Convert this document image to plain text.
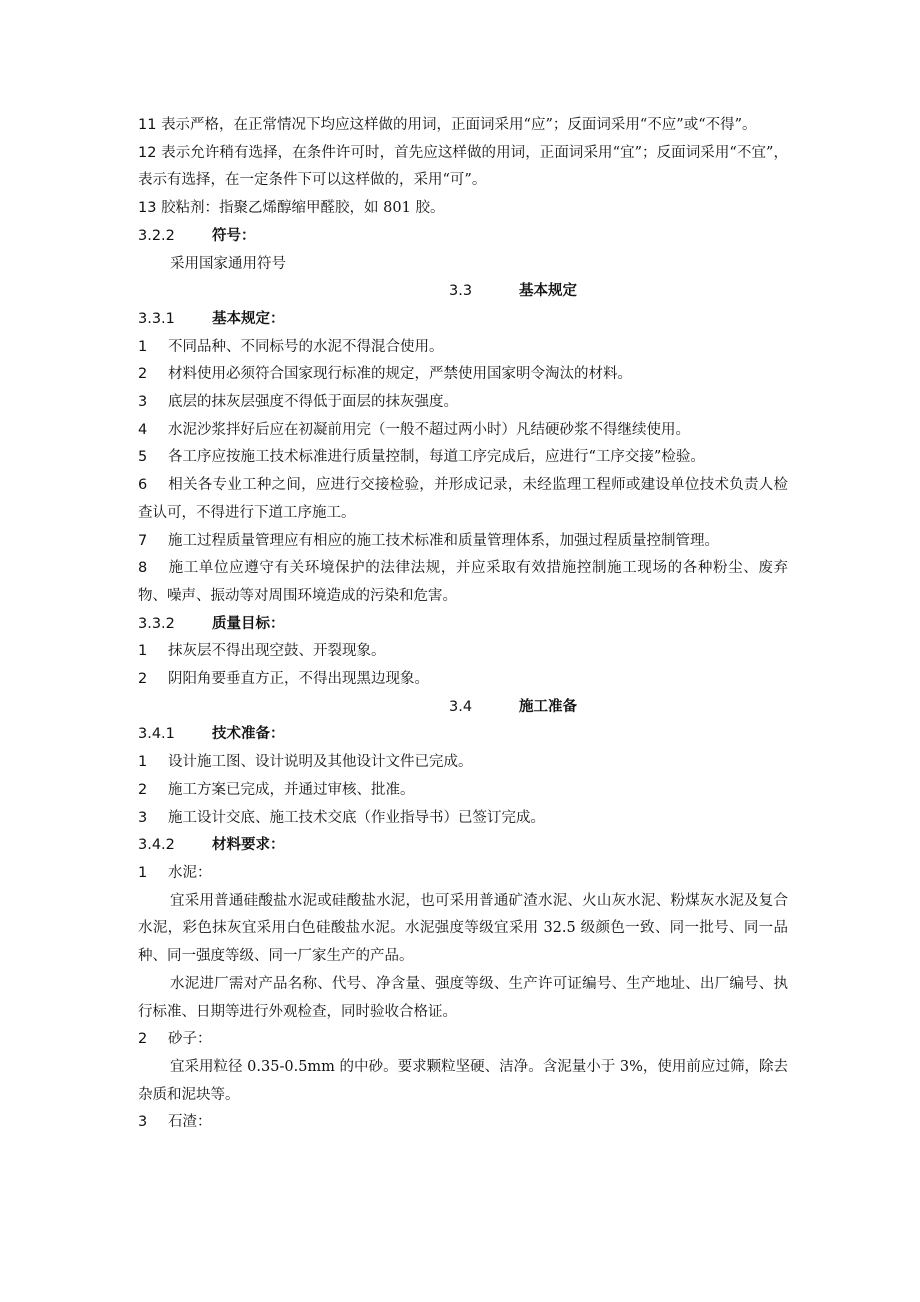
11 表示严格，在正常情况下均应这样做的用词，正面词采用“应”；反面词采用“不应”或“不得”。
12 表示允许稍有选择，在条件许可时，首先应这样做的用词，正面词采用“宜”；反面词采用“不宜”，表示有选择，在一定条件下可以这样做的，采用“可”。
13 胶粘剂：指聚乙烯醇缩甲醛胶，如 801 胶。
3.2.2	符号：
采用国家通用符号
3.3	基本规定
3.3.1	基本规定：
1 不同品种、不同标号的水泥不得混合使用。
2 材料使用必须符合国家现行标准的规定，严禁使用国家明令淘汰的材料。
3 底层的抹灰层强度不得低于面层的抹灰强度。
4 水泥沙浆拌好后应在初凝前用完（一般不超过两小时）凡结硬砂浆不得继续使用。
5 各工序应按施工技术标准进行质量控制，每道工序完成后，应进行“工序交接”检验。
6 相关各专业工种之间，应进行交接检验，并形成记录，未经监理工程师或建设单位技术负责人检查认可，不得进行下道工序施工。
7 施工过程质量管理应有相应的施工技术标准和质量管理体系，加强过程质量控制管理。
8 施工单位应遵守有关环境保护的法律法规，并应采取有效措施控制施工现场的各种粉尘、废弃物、噪声、振动等对周围环境造成的污染和危害。
3.3.2	质量目标：
1 抹灰层不得出现空鼓、开裂现象。
2 阴阳角要垂直方正，不得出现黑边现象。
3.4	施工准备
3.4.1	技术准备：
1 设计施工图、设计说明及其他设计文件已完成。
2 施工方案已完成，并通过审核、批准。
3 施工设计交底、施工技术交底（作业指导书）已签订完成。
3.4.2	材料要求：
1 水泥：
宜采用普通硅酸盐水泥或硅酸盐水泥，也可采用普通矿渣水泥、火山灰水泥、粉煤灰水泥及复合水泥，彩色抹灰宜采用白色硅酸盐水泥。水泥强度等级宜采用 32.5 级颜色一致、同一批号、同一品种、同一强度等级、同一厂家生产的产品。
水泥进厂需对产品名称、代号、净含量、强度等级、生产许可证编号、生产地址、出厂编号、执行标准、日期等进行外观检查，同时验收合格证。
2 砂子：
宜采用粒径 0.35-0.5mm 的中砂。要求颗粒坚硬、洁净。含泥量小于 3%，使用前应过筛，除去杂质和泥块等。
3 石渣：
